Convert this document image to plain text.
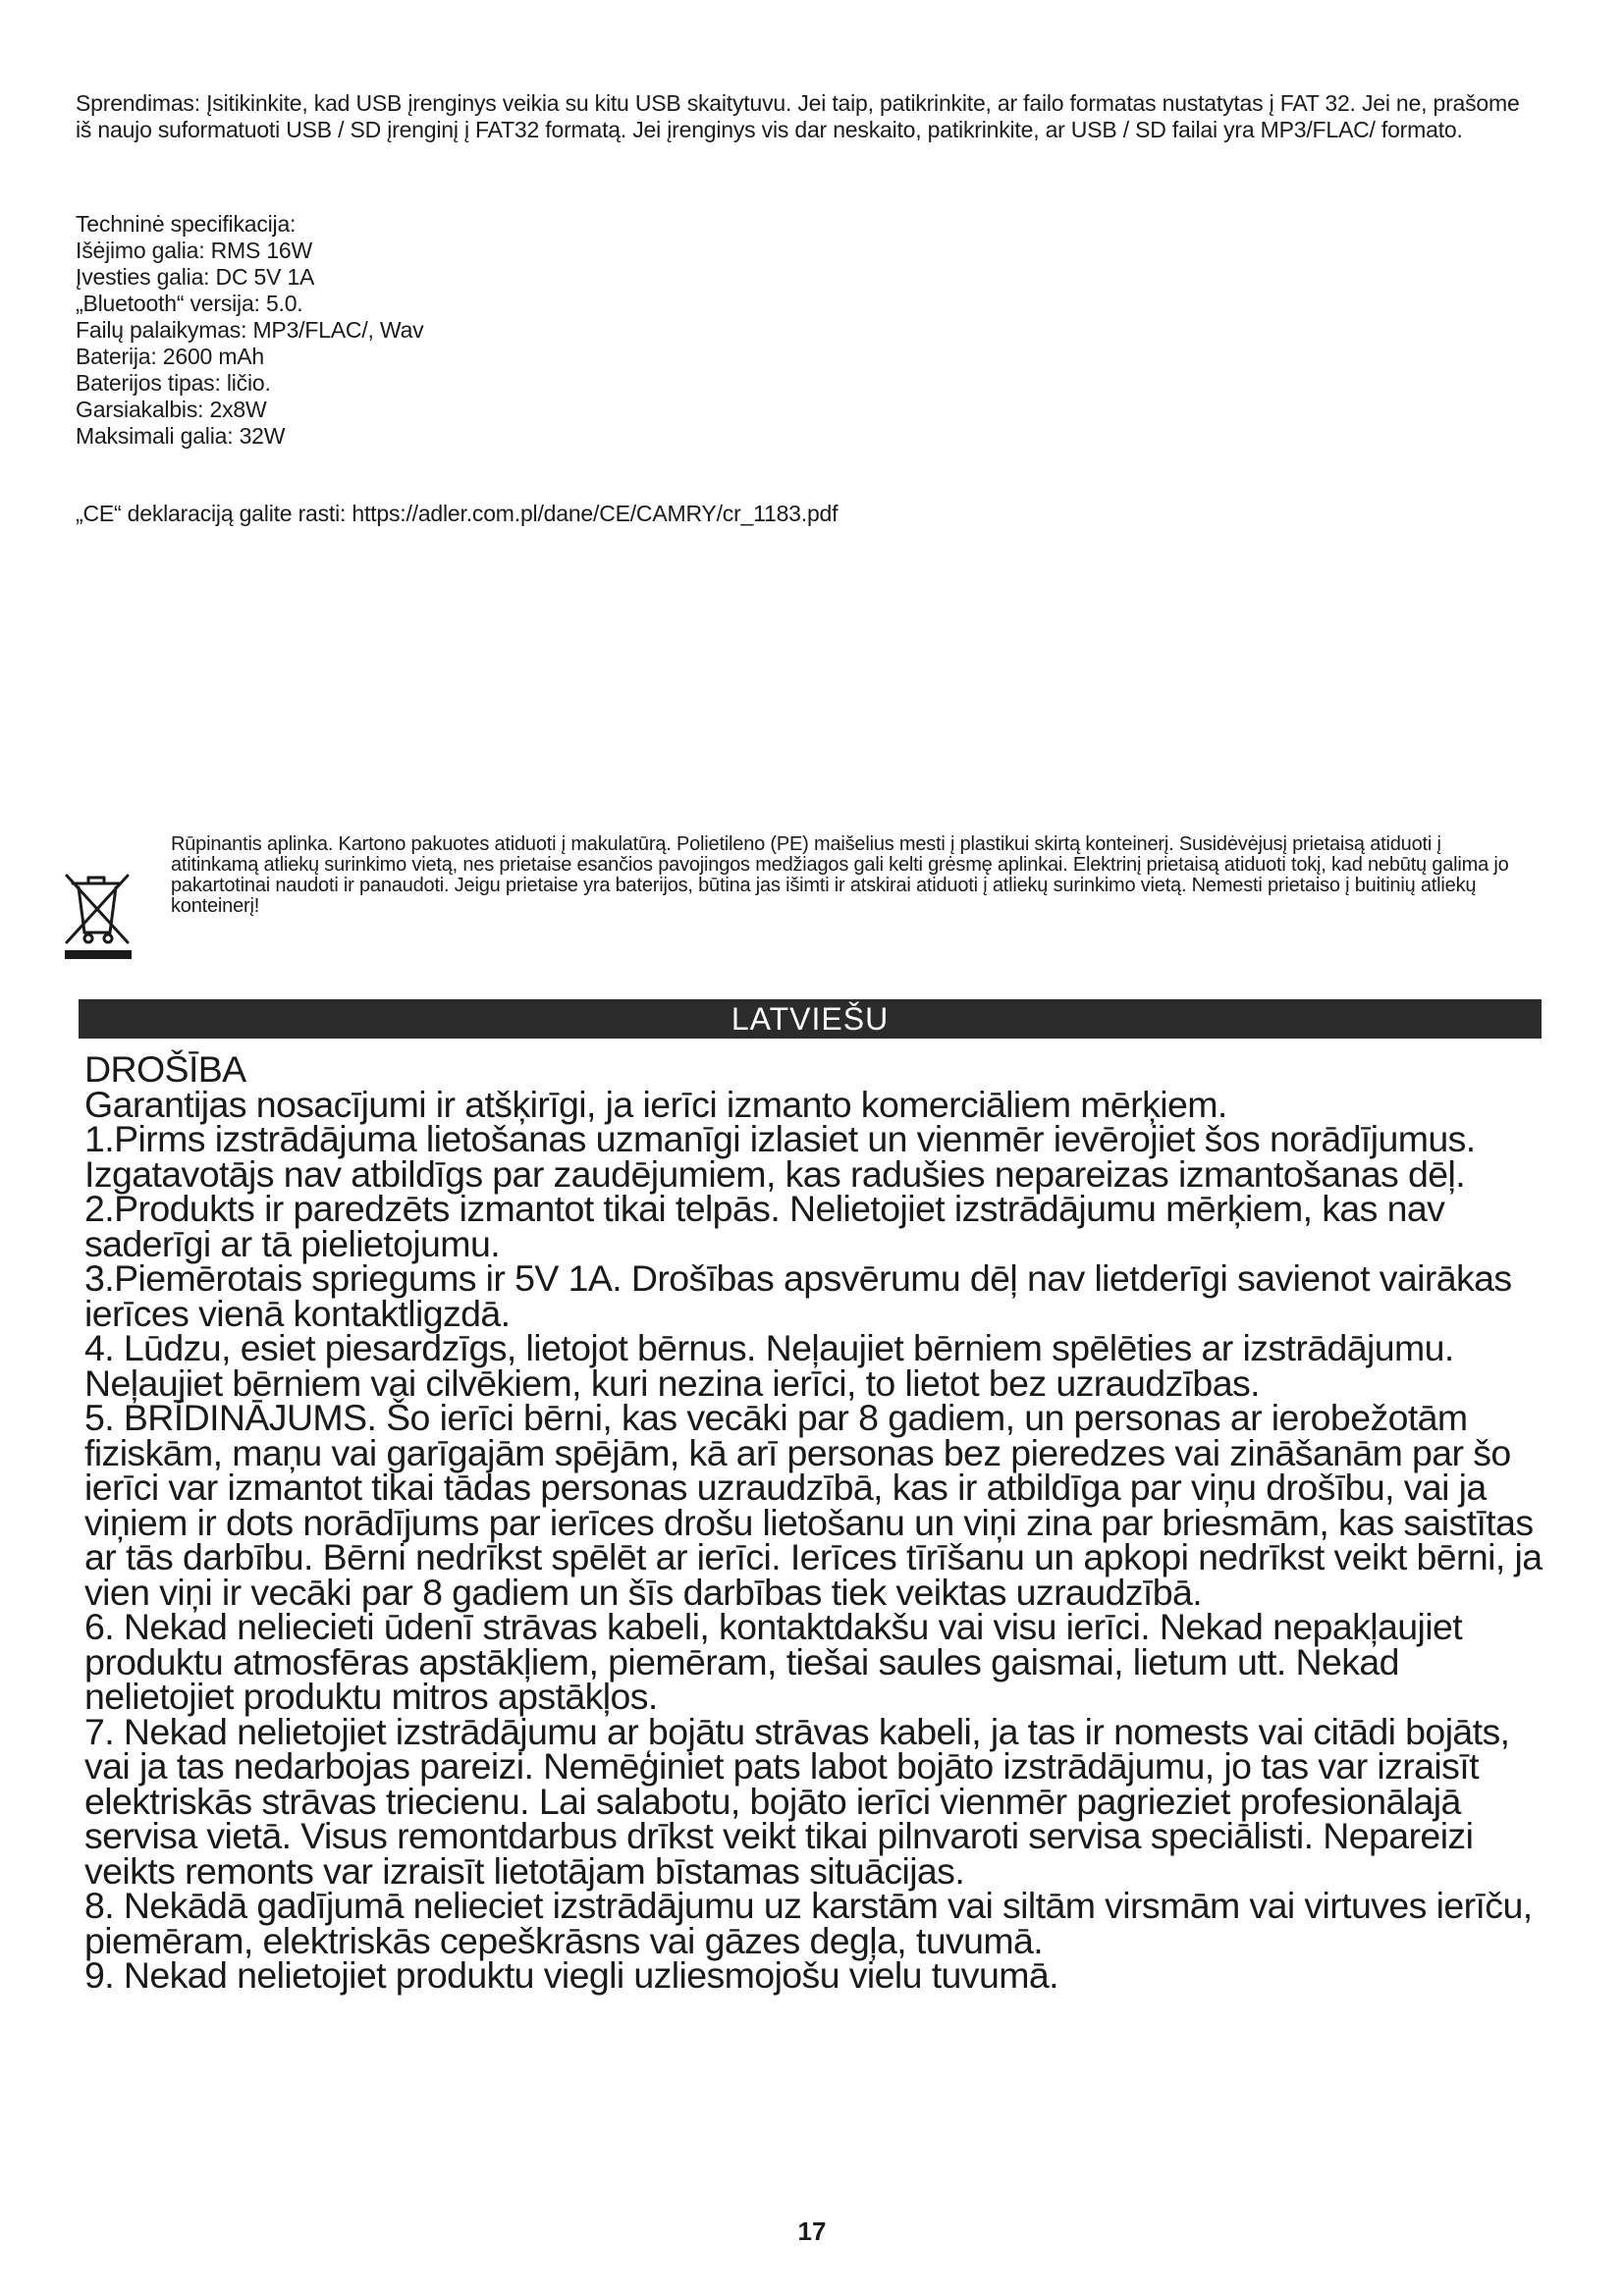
Sprendimas: Įsitikinkite, kad USB įrenginys veikia su kitu USB skaitytuvu. Jei taip, patikrinkite, ar failo formatas nustatytas į FAT 32. Jei ne, prašome iš naujo suformatuoti USB / SD įrenginį į FAT32 formatą. Jei įrenginys vis dar neskaito, patikrinkite, ar USB / SD failai yra MP3/FLAC/ formato.

Techninė specifikacija:

Išėjimo galia: RMS 16W

Įvesties galia: DC 5V 1A

„Bluetooth“ versija: 5.0.

Failų palaikymas: MP3/FLAC/, Wav

Baterija: 2600 mAh

Baterijos tipas: ličio.

Garsiakalbis: 2x8W

Maksimali galia: 32W

„CE“ deklaraciją galite rasti: https://adler.com.pl/dane/CE/CAMRY/cr_1183.pdf

Rūpinantis aplinka. Kartono pakuotes atiduoti į makulatūrą. Polietileno (PE) maišelius mesti į plastikui skirtą konteinerį. Susidėvėjusį prietaisą atiduoti į atitinkamą atliekų surinkimo vietą, nes prietaise esančios pavojingos medžiagos gali kelti grėsmę aplinkai. Elektrinį prietaisą atiduoti tokį, kad nebūtų galima jo pakartotinai naudoti ir panaudoti. Jeigu prietaise yra baterijos, būtina jas išimti ir atskirai atiduoti į atliekų surinkimo vietą. Nemesti prietaiso į buitinių atliekų konteinerį!
LATVIEŠU

DROŠĪBA

Garantijas nosacījumi ir atšķirīgi, ja ierīci izmanto komerciāliem mērķiem.

1.Pirms izstrādājuma lietošanas uzmanīgi izlasiet un vienmēr ievērojiet šos norādījumus. Izgatavotājs nav atbildīgs par zaudējumiem, kas radušies nepareizas izmantošanas dēļ.

2.Produkts ir paredzēts izmantot tikai telpās. Nelietojiet izstrādājumu mērķiem, kas nav saderīgi ar tā pielietojumu.

3.Piemērotais spriegums ir 5V 1A. Drošības apsvērumu dēļ nav lietderīgi savienot vairākas ierīces vienā kontaktligzdā.

4. Lūdzu, esiet piesardzīgs, lietojot bērnus. Neļaujiet bērniem spēlēties ar izstrādājumu. Neļaujiet bērniem vai cilvēkiem, kuri nezina ierīci, to lietot bez uzraudzības.

5. BRĪDINĀJUMS. Šo ierīci bērni, kas vecāki par 8 gadiem, un personas ar ierobežotām fiziskām, maņu vai garīgajām spējām, kā arī personas bez pieredzes vai zināšanām par šo ierīci var izmantot tikai tādas personas uzraudzībā, kas ir atbildīga par viņu drošību, vai ja viņiem ir dots norādījums par ierīces drošu lietošanu un viņi zina par briesmām, kas saistītas ar tās darbību. Bērni nedrīkst spēlēt ar ierīci. Ierīces tīrīšanu un apkopi nedrīkst veikt bērni, ja vien viņi ir vecāki par 8 gadiem un šīs darbības tiek veiktas uzraudzībā.

6. Nekad neliecieti ūdenī strāvas kabeli, kontaktdakšu vai visu ierīci. Nekad nepakļaujiet produktu atmosfēras apstākļiem, piemēram, tiešai saules gaismai, lietum utt. Nekad nelietojiet produktu mitros apstākļos.

7. Nekad nelietojiet izstrādājumu ar bojātu strāvas kabeli, ja tas ir nomests vai citādi bojāts, vai ja tas nedarbojas pareizi. Nemēģiniet pats labot bojāto izstrādājumu, jo tas var izraisīt elektriskās strāvas triecienu. Lai salabotu, bojāto ierīci vienmēr pagrieziet profesionālajā servisa vietā. Visus remontdarbus drīkst veikt tikai pilnvaroti servisa speciālisti. Nepareizi veikts remonts var izraisīt lietotājam bīstamas situācijas.

8. Nekādā gadījumā nelieciet izstrādājumu uz karstām vai siltām virsmām vai virtuves ierīču, piemēram, elektriskās cepeškrāsns vai gāzes degļa, tuvumā.

9. Nekad nelietojiet produktu viegli uzliesmojošu vielu tuvumā.

17
